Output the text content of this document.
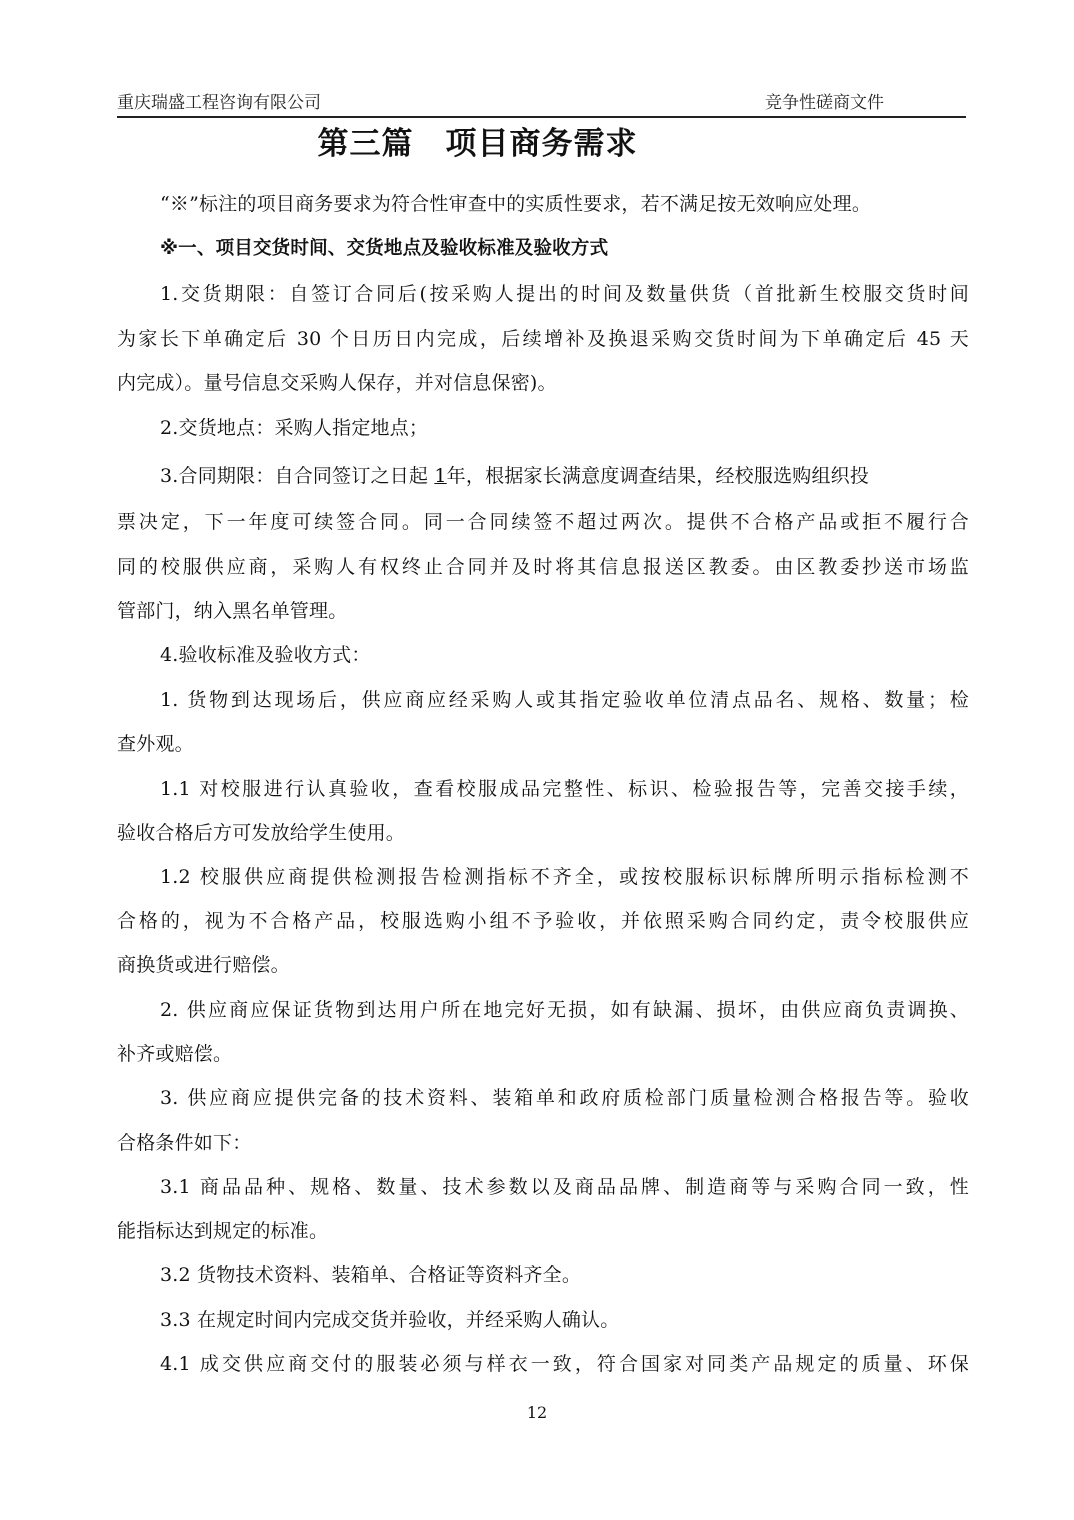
重庆瑞盛工程咨询有限公司	竞争性磋商文件
第三篇 项目商务需求
“※”标注的项目商务要求为符合性审查中的实质性要求，若不满足按无效响应处理。
※一、项目交货时间、交货地点及验收标准及验收方式
1.交货期限：自签订合同后(按采购人提出的时间及数量供货（首批新生校服交货时间
为家长下单确定后 30 个日历日内完成，后续增补及换退采购交货时间为下单确定后 45 天
内完成）。量号信息交采购人保存，并对信息保密)。
2.交货地点：采购人指定地点；
3.合同期限：自合同签订之日起 1年，根据家长满意度调查结果，经校服选购组织投
票决定，下一年度可续签合同。同一合同续签不超过两次。提供不合格产品或拒不履行合
同的校服供应商，采购人有权终止合同并及时将其信息报送区教委。由区教委抄送市场监
管部门，纳入黑名单管理。
4.验收标准及验收方式：
1. 货物到达现场后，供应商应经采购人或其指定验收单位清点品名、规格、数量；检
查外观。
1.1 对校服进行认真验收，查看校服成品完整性、标识、检验报告等，完善交接手续，
验收合格后方可发放给学生使用。
1.2 校服供应商提供检测报告检测指标不齐全，或按校服标识标牌所明示指标检测不
合格的，视为不合格产品，校服选购小组不予验收，并依照采购合同约定，责令校服供应
商换货或进行赔偿。
2. 供应商应保证货物到达用户所在地完好无损，如有缺漏、损坏，由供应商负责调换、
补齐或赔偿。
3. 供应商应提供完备的技术资料、装箱单和政府质检部门质量检测合格报告等。验收
合格条件如下：
3.1 商品品种、规格、数量、技术参数以及商品品牌、制造商等与采购合同一致，性
能指标达到规定的标准。
3.2 货物技术资料、装箱单、合格证等资料齐全。
3.3 在规定时间内完成交货并验收，并经采购人确认。
4.1 成交供应商交付的服装必须与样衣一致，符合国家对同类产品规定的质量、环保
12
